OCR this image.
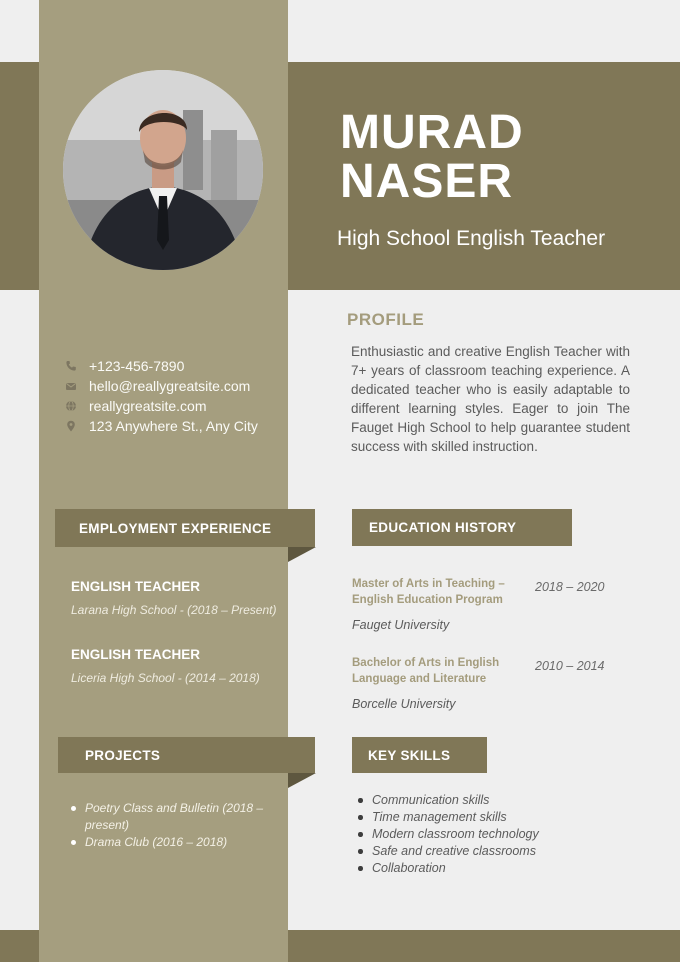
MURAD
NASER
High School English Teacher
PROFILE
Enthusiastic and creative English Teacher with 7+ years of classroom teaching experience. A dedicated teacher who is easily adaptable to different learning styles. Eager to join The Fauget High School to help guarantee student success with skilled instruction.
+123-456-7890
hello@reallygreatsite.com
reallygreatsite.com
123 Anywhere St., Any City
EMPLOYMENT EXPERIENCE
ENGLISH TEACHER
Larana High School - (2018 – Present)
ENGLISH TEACHER
Liceria High School - (2014 – 2018)
EDUCATION HISTORY
Master of Arts in Teaching – English Education Program
2018 – 2020
Fauget University
Bachelor of Arts in English Language and Literature
2010 – 2014
Borcelle University
PROJECTS
Poetry Class and Bulletin (2018 – present)
Drama Club (2016 – 2018)
KEY SKILLS
Communication skills
Time management skills
Modern classroom technology
Safe and creative classrooms
Collaboration
